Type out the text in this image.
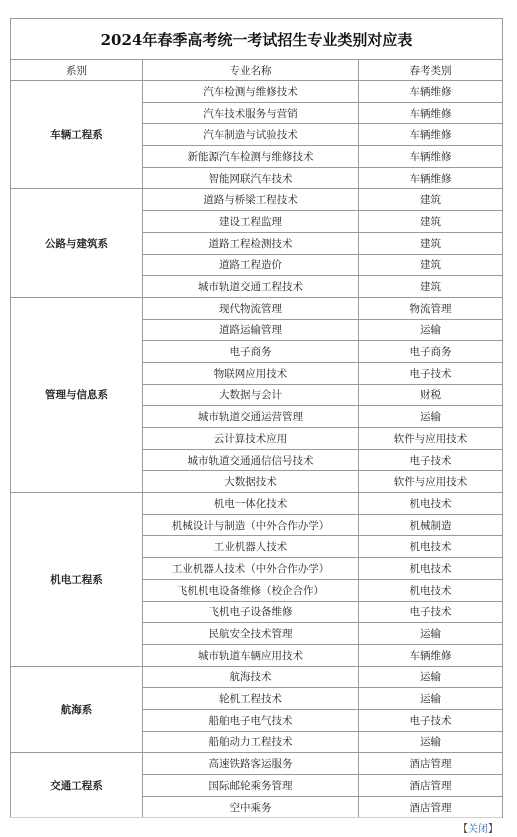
2024年春季高考统一考试招生专业类别对应表		
系别	专业名称	春考类别
车辆工程系	汽车检测与维修技术	车辆维修
	汽车技术服务与营销	车辆维修
	汽车制造与试验技术	车辆维修
	新能源汽车检测与维修技术	车辆维修
	智能网联汽车技术	车辆维修
公路与建筑系	道路与桥梁工程技术	建筑
	建设工程监理	建筑
	道路工程检测技术	建筑
	道路工程造价	建筑
	城市轨道交通工程技术	建筑
管理与信息系	现代物流管理	物流管理
	道路运输管理	运输
	电子商务	电子商务
	物联网应用技术	电子技术
	大数据与会计	财税
	城市轨道交通运营管理	运输
	云计算技术应用	软件与应用技术
	城市轨道交通通信信号技术	电子技术
	大数据技术	软件与应用技术
机电工程系	机电一体化技术	机电技术
	机械设计与制造（中外合作办学）	机械制造
	工业机器人技术	机电技术
	工业机器人技术（中外合作办学）	机电技术
	飞机机电设备维修（校企合作）	机电技术
	飞机电子设备维修	电子技术
	民航安全技术管理	运输
	城市轨道车辆应用技术	车辆维修
航海系	航海技术	运输
	轮机工程技术	运输
	船舶电子电气技术	电子技术
	船舶动力工程技术	运输
交通工程系	高速铁路客运服务	酒店管理
	国际邮轮乘务管理	酒店管理
	空中乘务	酒店管理
【关闭】
